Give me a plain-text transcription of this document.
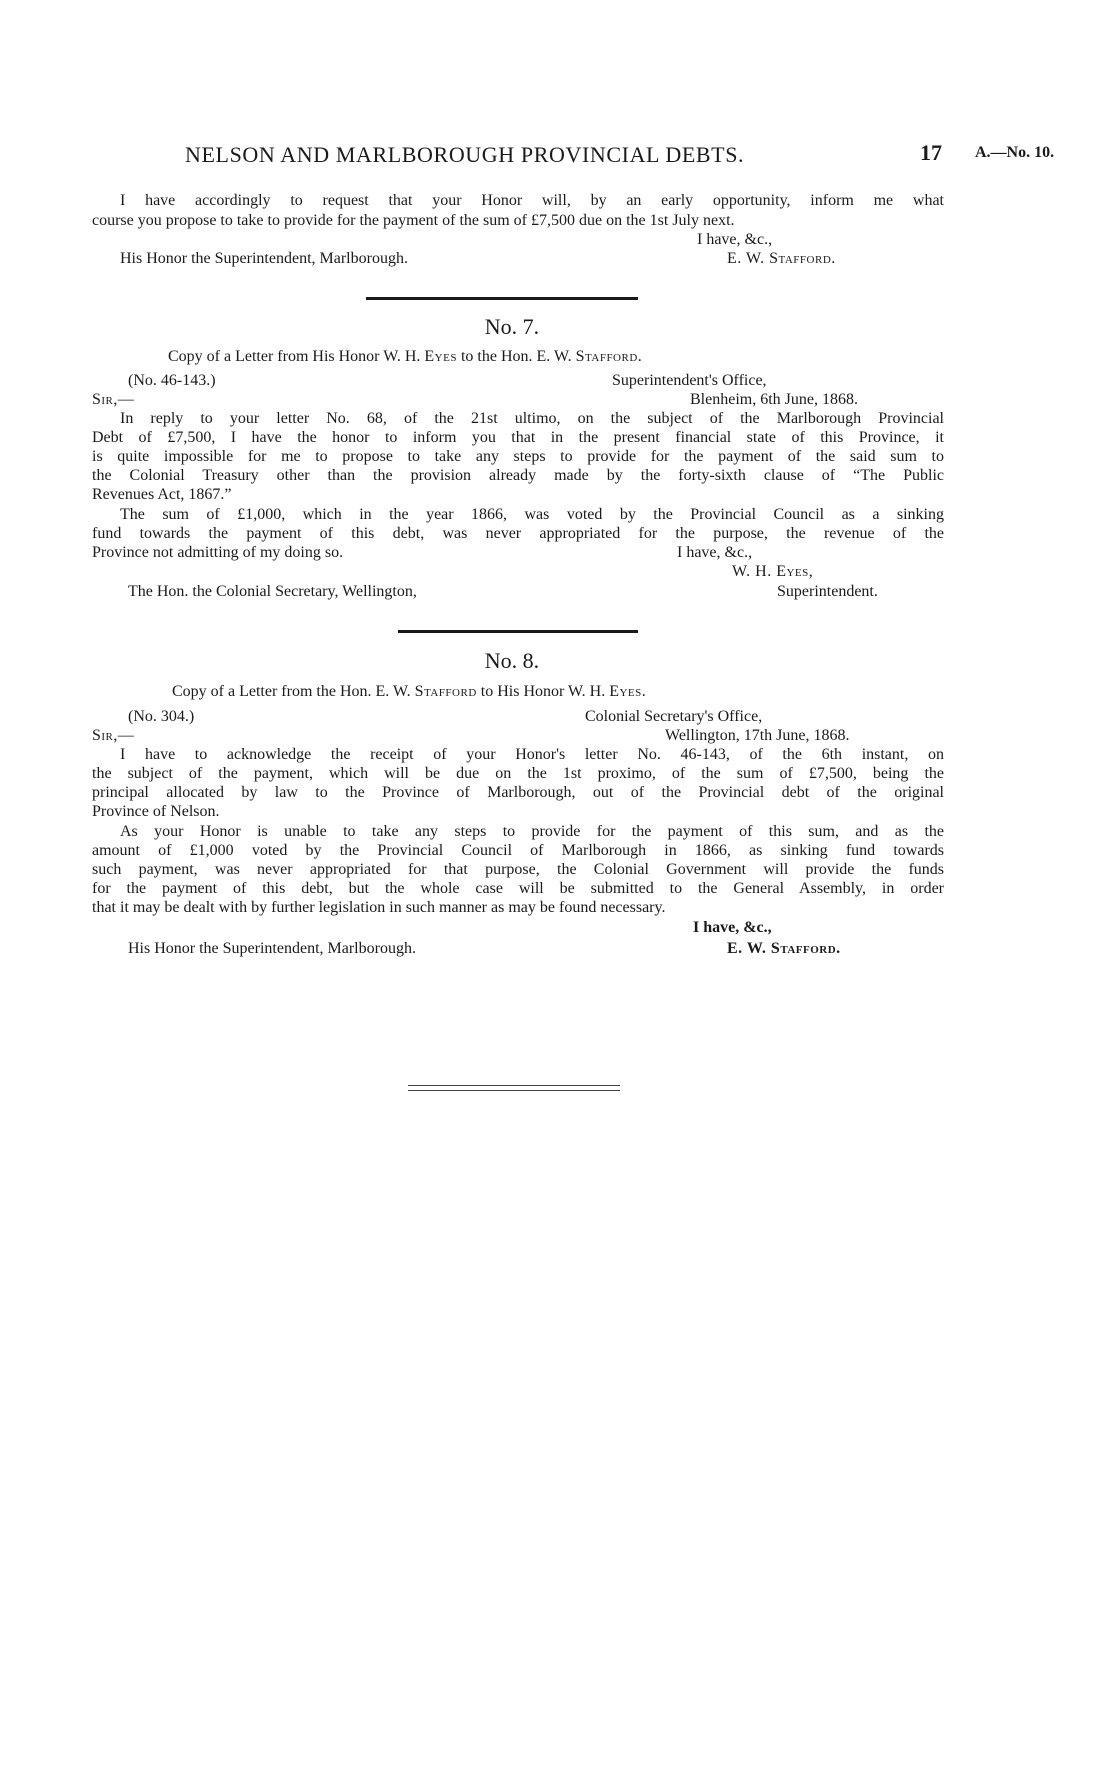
NELSON AND MARLBOROUGH PROVINCIAL DEBTS.	17 A.—No. 10.
I have accordingly to request that your Honor will, by an early opportunity, inform me what
course you propose to take to provide for the payment of the sum of £7,500 due on the 1st July next.
I have, &c.,
His Honor the Superintendent, Marlborough.	E. W. Stafford.
No. 7.
Copy of a Letter from His Honor W. H. Eyes to the Hon. E. W. Stafford.
(No. 46-143.)	Superintendent's Office,
Sir,—	Blenheim, 6th June, 1868.
In reply to your letter No. 68, of the 21st ultimo, on the subject of the Marlborough Provincial
Debt of £7,500, I have the honor to inform you that in the present financial state of this Province, it
is quite impossible for me to propose to take any steps to provide for the payment of the said sum to
the Colonial Treasury other than the provision already made by the forty-sixth clause of “The Public
Revenues Act, 1867.”
The sum of £1,000, which in the year 1866, was voted by the Provincial Council as a sinking
fund towards the payment of this debt, was never appropriated for the purpose, the revenue of the
Province not admitting of my doing so.	I have, &c.,
W. H. Eyes,
The Hon. the Colonial Secretary, Wellington,	Superintendent.
No. 8.
Copy of a Letter from the Hon. E. W. Stafford to His Honor W. H. Eyes.
(No. 304.)	Colonial Secretary's Office,
Sir,—	Wellington, 17th June, 1868.
I have to acknowledge the receipt of your Honor's letter No. 46-143, of the 6th instant, on
the subject of the payment, which will be due on the 1st proximo, of the sum of £7,500, being the
principal allocated by law to the Province of Marlborough, out of the Provincial debt of the original
Province of Nelson.
As your Honor is unable to take any steps to provide for the payment of this sum, and as the
amount of £1,000 voted by the Provincial Council of Marlborough in 1866, as sinking fund towards
such payment, was never appropriated for that purpose, the Colonial Government will provide the funds
for the payment of this debt, but the whole case will be submitted to the General Assembly, in order
that it may be dealt with by further legislation in such manner as may be found necessary.
I have, &c.,
His Honor the Superintendent, Marlborough.	E. W. Stafford.
